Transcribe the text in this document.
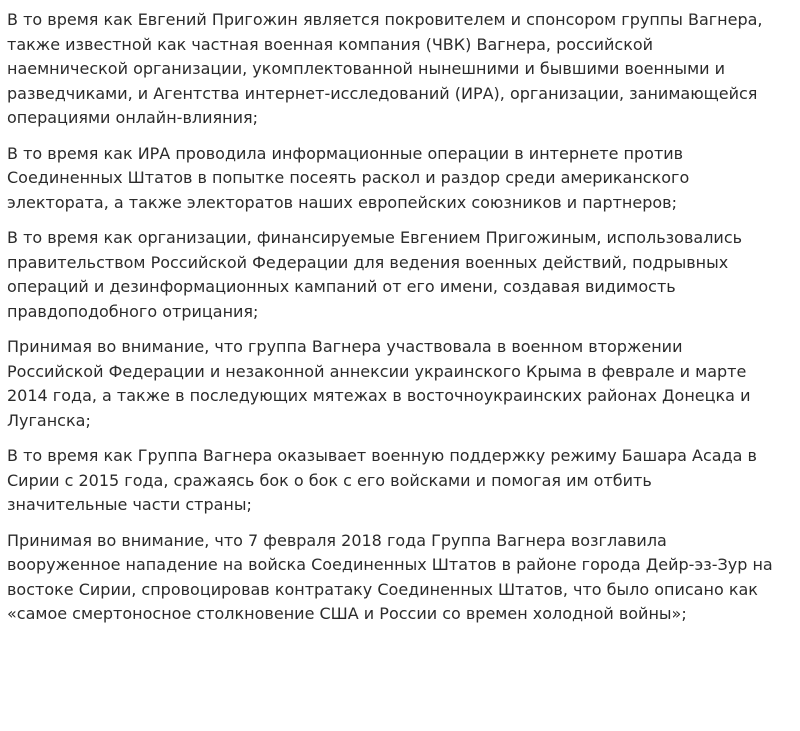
В то время как Евгений Пригожин является покровителем и спонсором группы Вагнера,
также известной как частная военная компания (ЧВК) Вагнера, российской
наемнической организации, укомплектованной нынешними и бывшими военными и
разведчиками, и Агентства интернет-исследований (ИРА), организации, занимающейся
операциями онлайн-влияния;

В то время как ИРА проводила информационные операции в интернете против
Соединенных Штатов в попытке посеять раскол и раздор среди американского
электората, а также электоратов наших европейских союзников и партнеров;

В то время как организации, финансируемые Евгением Пригожиным, использовались
правительством Российской Федерации для ведения военных действий, подрывных
операций и дезинформационных кампаний от его имени, создавая видимость
правдоподобного отрицания;

Принимая во внимание, что группа Вагнера участвовала в военном вторжении
Российской Федерации и незаконной аннексии украинского Крыма в феврале и марте
2014 года, а также в последующих мятежах в восточноукраинских районах Донецка и
Луганска;

В то время как Группа Вагнера оказывает военную поддержку режиму Башара Асада в
Сирии с 2015 года, сражаясь бок о бок с его войсками и помогая им отбить
значительные части страны;

Принимая во внимание, что 7 февраля 2018 года Группа Вагнера возглавила
вооруженное нападение на войска Соединенных Штатов в районе города Дейр-эз-Зур на
востоке Сирии, спровоцировав контратаку Соединенных Штатов, что было описано как
«самое смертоносное столкновение США и России со времен холодной войны»;
